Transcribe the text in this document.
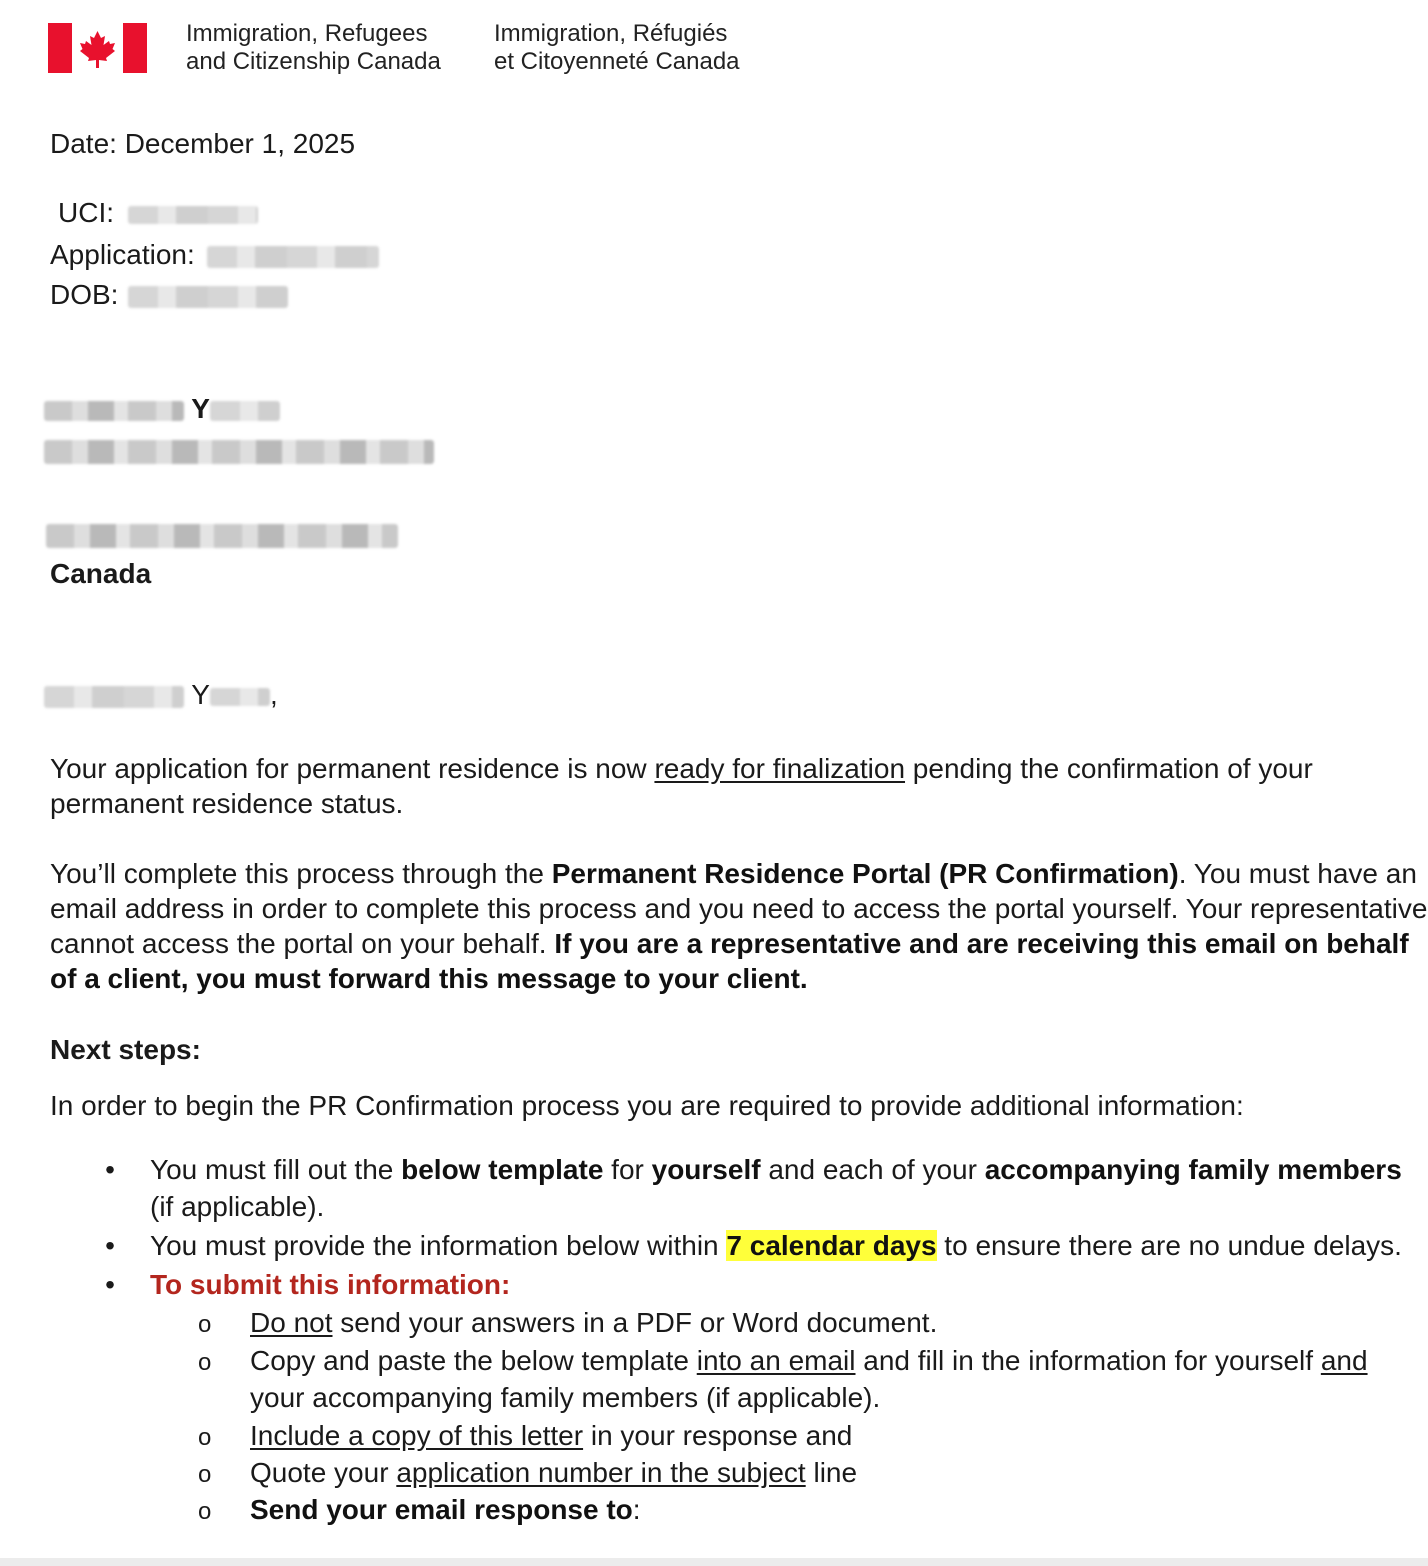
Immigration, Refugees
and Citizenship Canada
Immigration, Réfugiés
et Citoyenneté Canada
Date: December 1, 2025
UCI:
Application:
DOB:
Y
Canada
Y ,
Your application for permanent residence is now ready for finalization pending the confirmation of your permanent residence status.
You’ll complete this process through the Permanent Residence Portal (PR Confirmation). You must have an email address in order to complete this process and you need to access the portal yourself. Your representative cannot access the portal on your behalf. If you are a representative and are receiving this email on behalf of a client, you must forward this message to your client.
Next steps:
In order to begin the PR Confirmation process you are required to provide additional information:
• You must fill out the below template for yourself and each of your accompanying family members (if applicable).
• You must provide the information below within 7 calendar days to ensure there are no undue delays.
• To submit this information:
o Do not send your answers in a PDF or Word document.
o Copy and paste the below template into an email and fill in the information for yourself and your accompanying family members (if applicable).
o Include a copy of this letter in your response and
o Quote your application number in the subject line
o Send your email response to:
